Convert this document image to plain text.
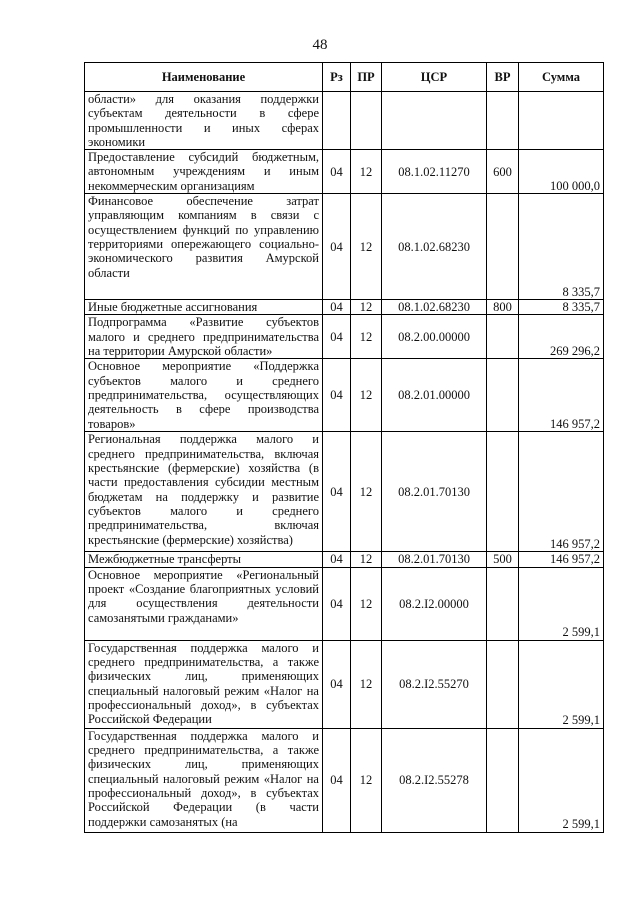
48
Наименование	Рз	ПР	ЦСР	ВР	Сумма
области» для оказания поддержки субъектам деятельности в сфере промышленности и иных сферах экономики					
Предоставление субсидий бюджетным, автономным учреждениям и иным некоммерческим организациям	04	12	08.1.02.11270	600	100 000,0
Финансовое обеспечение затрат управляющим компаниям в связи с осуществлением функций по управлению территориями опережающего социально-экономического развития Амурской области	04	12	08.1.02.68230		8 335,7
Иные бюджетные ассигнования	04	12	08.1.02.68230	800	8 335,7
Подпрограмма «Развитие субъектов малого и среднего предпринимательства на территории Амурской области»	04	12	08.2.00.00000		269 296,2
Основное мероприятие «Поддержка субъектов малого и среднего предпринимательства, осуществляющих деятельность в сфере производства товаров»	04	12	08.2.01.00000		146 957,2
Региональная поддержка малого и среднего предпринимательства, включая крестьянские (фермерские) хозяйства (в части предоставления субсидии местным бюджетам на поддержку и развитие субъектов малого и среднего предпринимательства, включая крестьянские (фермерские) хозяйства)	04	12	08.2.01.70130		146 957,2
Межбюджетные трансферты	04	12	08.2.01.70130	500	146 957,2
Основное мероприятие «Региональный проект «Создание благоприятных условий для осуществления деятельности самозанятыми гражданами»	04	12	08.2.I2.00000		2 599,1
Государственная поддержка малого и среднего предпринимательства, а также физических лиц, применяющих специальный налоговый режим «Налог на профессиональный доход», в субъектах Российской Федерации	04	12	08.2.I2.55270		2 599,1
Государственная поддержка малого и среднего предпринимательства, а также физических лиц, применяющих специальный налоговый режим «Налог на профессиональный доход», в субъектах Российской Федерации (в части поддержки самозанятых (на	04	12	08.2.I2.55278		2 599,1
